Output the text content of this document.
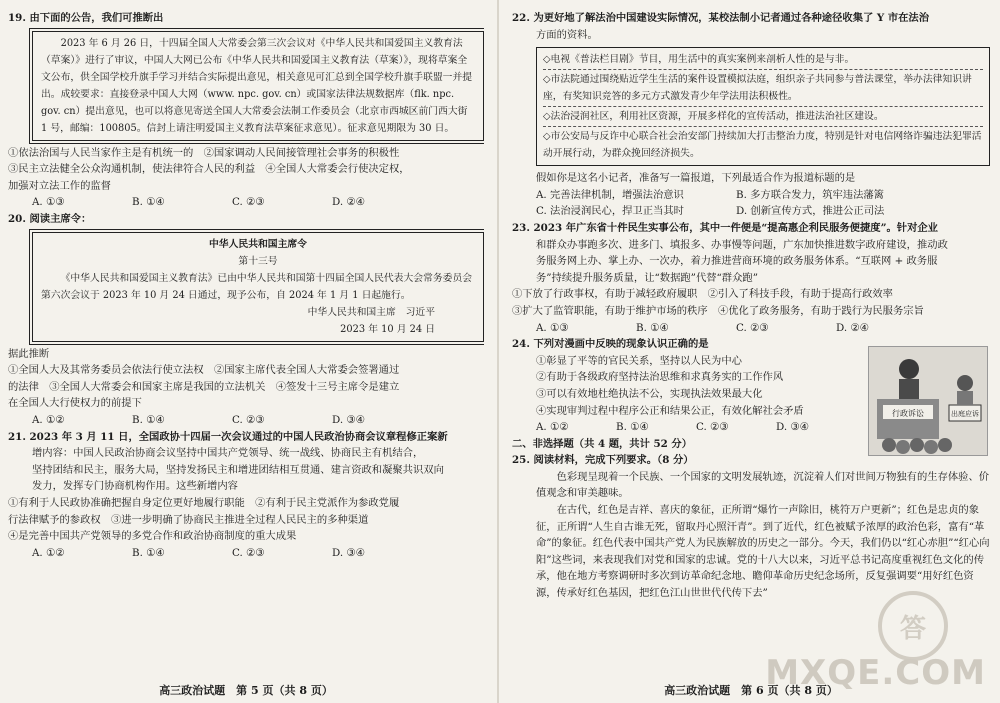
19. 由下面的公告，我们可推断出

2023 年 6 月 26 日，十四届全国人大常委会第三次会议对《中华人民共和国爱国主义教育法（草案）》进行了审议，中国人大网已公布《中华人民共和国爱国主义教育法（草案）》，现将草案全文公布，供全国学校升旗手学习并结合实际提出意见，相关意见可汇总到全国学校升旗手联盟一并提出。成较要求：直接登录中国人大网（www. npc. gov. cn）或国家法律法规数据库（flk. npc. gov. cn）提出意见，也可以将意见寄送全国人大常委会法制工作委员会（北京市西城区前门西大街 1 号，邮编：100805。信封上请注明爱国主义教育法草案征求意见）。征求意见期限为 30 日。

①依法治国与人民当家作主是有机统一的　 ②国家调动人民间接管理社会事务的积极性

③民主立法健全公众沟通机制，使法律符合人民的利益　 ④全国人大常委会行使决定权，

加强对立法工作的监督

A. ①③	B. ①④	C. ②③	D. ②④

20. 阅读主席令：

中华人民共和国主席令

第十三号

《中华人民共和国爱国主义教育法》已由中华人民共和国第十四届全国人民代表大会常务委员会第六次会议于 2023 年 10 月 24 日通过，现予公布，自 2024 年 1 月 1 日起施行。

中华人民共和国主席　习近平

2023 年 10 月 24 日

据此推断

①全国人大及其常务委员会依法行使立法权　 ②国家主席代表全国人大常委会签署通过

的法律　 ③全国人大常委会和国家主席是我国的立法机关　 ④签发十三号主席令是建立

在全国人大行使权力的前提下

A. ①②	B. ①④	C. ②③	D. ③④

21. 2023 年 3 月 11 日，全国政协十四届一次会议通过的中国人民政治协商会议章程修正案新

增内容：中国人民政治协商会议坚持中国共产党领导、统一战线、协商民主有机结合，

坚持团结和民主，服务大局，坚持发扬民主和增进团结相互贯通、建言资政和凝聚共识双向

发力，发挥专门协商机构作用。这些新增内容

①有利于人民政协准确把握自身定位更好地履行职能　 ②有利于民主党派作为参政党履

行法律赋予的参政权　 ③进一步明确了协商民主推进全过程人民民主的多种渠道

④是完善中国共产党领导的多党合作和政治协商制度的重大成果

A. ①②	B. ①④	C. ②③	D. ③④
高三政治试题　第 5 页（共 8 页）

22. 为更好地了解法治中国建设实际情况，某校法制小记者通过各种途径收集了 Y 市在法治

方面的资料。

◇电视《普法栏目剧》节目，用生活中的真实案例来剖析人性的是与非。
◇市法院通过围绕贴近学生生活的案件设置模拟法庭，组织亲子共同参与普法课堂，举办法律知识讲座，有奖知识竞答的多元方式激发青少年学法用法积极性。
◇法治浸润社区，利用社区资源，开展多样化的宣传活动，推进法治社区建设。
◇市公安局与反诈中心联合社会治安部门持续加大打击整治力度，特别是针对电信网络诈骗违法犯罪活动开展行动，为群众挽回经济损失。

假如你是这名小记者，准备写一篇报道，下列最适合作为报道标题的是

A. 完善法律机制，增强法治意识	B. 多方联合发力，筑牢违法藩篱
C. 法治浸润民心，捍卫正当其时	D. 创新宣传方式，推进公正司法

23. 2023 年广东省十件民生实事公布，其中一件便是“提高惠企利民服务便捷度”。针对企业

和群众办事跑多次、进多门、填报多、办事慢等问题，广东加快推进数字政府建设，推动政

务服务网上办、掌上办、一次办，着力推进营商环境的政务服务体系。“互联网 + 政务服

务”持续提升服务质量，让“数据跑”代替“群众跑”

①下放了行政事权，有助于减轻政府履职　 ②引入了科技手段，有助于提高行政效率

③扩大了监管职能，有助于维护市场的秩序　 ④优化了政务服务，有助于践行为民服务宗旨

A. ①③	B. ①④	C. ②③	D. ②④

24. 下列对漫画中反映的现象认识正确的是

①彰显了平等的官民关系，坚持以人民为中心

②有助于各级政府坚持法治思维和求真务实的工作作风

③可以有效地杜绝执法不公，实现执法效果最大化

④实现审判过程中程序公正和结果公正，有效化解社会矛盾

A. ①②	B. ①④	C. ②③	D. ③④
行政诉讼	出庭应诉

二、非选择题（共 4 题，共计 52 分）

25. 阅读材料，完成下列要求。（8 分）

色彩现呈现着一个民族、一个国家的文明发展轨迹，沉淀着人们对世间万物独有的生存体验、价值观念和审美趣味。

在古代，红色是吉祥、喜庆的象征，正所谓“爆竹一声除旧，桃符万户更新”；红色是忠贞的象征，正所谓“人生自古谁无死，留取丹心照汗青”。到了近代，红色被赋予浓厚的政治色彩，富有“革命”的象征。红色代表中国共产党人为民族解放的历史之一部分。今天，我们仍以“红心赤胆”“红心向阳”这些词，来表现我们对党和国家的忠诚。党的十八大以来，习近平总书记高度重视红色文化的传承，他在地方考察调研时多次到访革命纪念地、瞻仰革命历史纪念场所，反复强调要“用好红色资源，传承好红色基因，把红色江山世世代代传下去”

高三政治试题　第 6 页（共 8 页）
答
MXQE.COM
